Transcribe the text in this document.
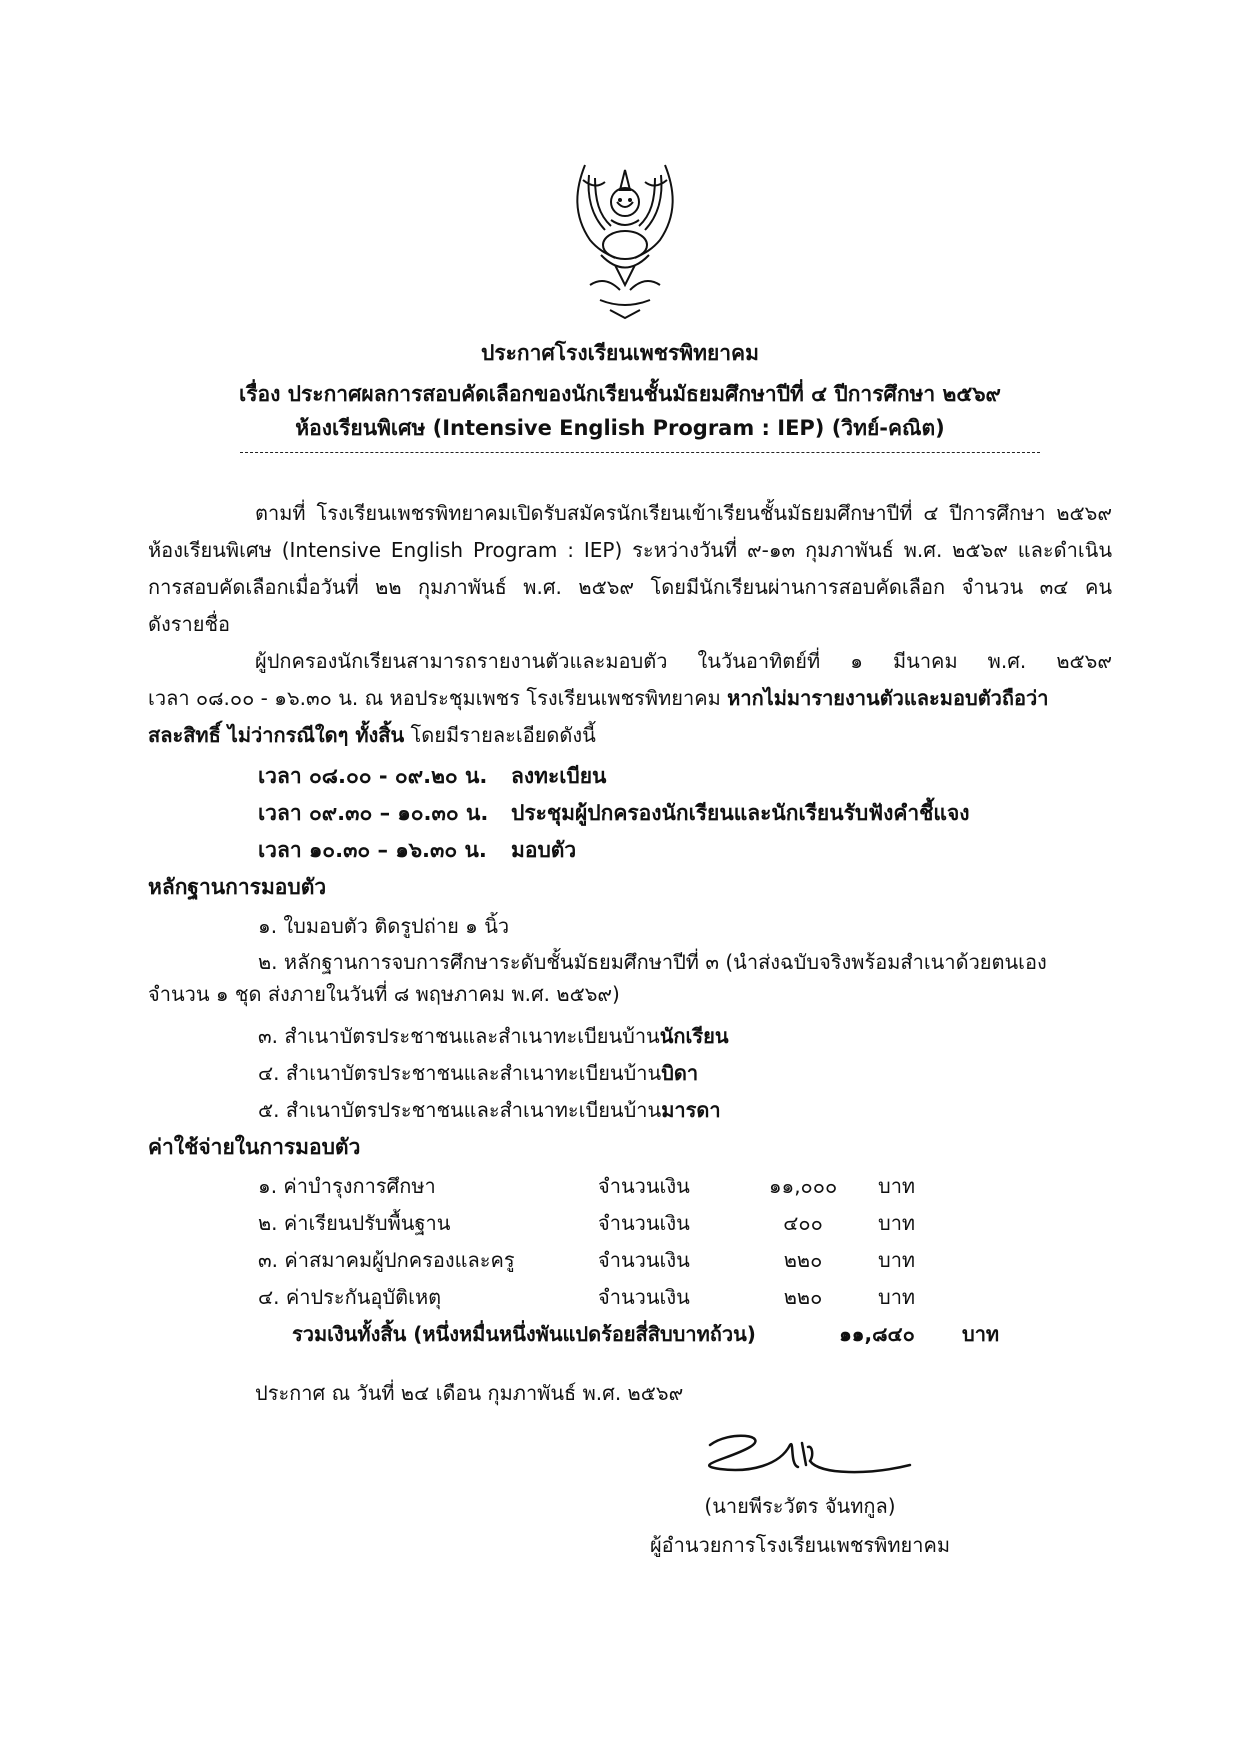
ประกาศโรงเรียนเพชรพิทยาคม
เรื่อง ประกาศผลการสอบคัดเลือกของนักเรียนชั้นมัธยมศึกษาปีที่ ๔ ปีการศึกษา ๒๕๖๙
ห้องเรียนพิเศษ (Intensive English Program : IEP) (วิทย์-คณิต)
ตามที่ โรงเรียนเพชรพิทยาคมเปิดรับสมัครนักเรียนเข้าเรียนชั้นมัธยมศึกษาปีที่ ๔ ปีการศึกษา ๒๕๖๙
ห้องเรียนพิเศษ (Intensive English Program : IEP) ระหว่างวันที่ ๙-๑๓ กุมภาพันธ์ พ.ศ. ๒๕๖๙ และดำเนิน
การสอบคัดเลือกเมื่อวันที่ ๒๒ กุมภาพันธ์ พ.ศ. ๒๕๖๙ โดยมีนักเรียนผ่านการสอบคัดเลือก จำนวน ๓๔ คน
ดังรายชื่อ
ผู้ปกครองนักเรียนสามารถรายงานตัวและมอบตัว ในวันอาทิตย์ที่ ๑ มีนาคม พ.ศ. ๒๕๖๙
เวลา ๐๘.๐๐ - ๑๖.๓๐ น. ณ หอประชุมเพชร โรงเรียนเพชรพิทยาคม หากไม่มารายงานตัวและมอบตัวถือว่า
สละสิทธิ์ ไม่ว่ากรณีใดๆ ทั้งสิ้น โดยมีรายละเอียดดังนี้
เวลา ๐๘.๐๐ - ๐๙.๒๐ น. ลงทะเบียน
เวลา ๐๙.๓๐ – ๑๐.๓๐ น. ประชุมผู้ปกครองนักเรียนและนักเรียนรับฟังคำชี้แจง
เวลา ๑๐.๓๐ – ๑๖.๓๐ น. มอบตัว
หลักฐานการมอบตัว
๑. ใบมอบตัว ติดรูปถ่าย ๑ นิ้ว
๒. หลักฐานการจบการศึกษาระดับชั้นมัธยมศึกษาปีที่ ๓ (นำส่งฉบับจริงพร้อมสำเนาด้วยตนเอง
จำนวน ๑ ชุด ส่งภายในวันที่ ๘ พฤษภาคม พ.ศ. ๒๕๖๙)
๓. สำเนาบัตรประชาชนและสำเนาทะเบียนบ้านนักเรียน
๔. สำเนาบัตรประชาชนและสำเนาทะเบียนบ้านบิดา
๕. สำเนาบัตรประชาชนและสำเนาทะเบียนบ้านมารดา
ค่าใช้จ่ายในการมอบตัว
๑. ค่าบำรุงการศึกษา	จำนวนเงิน	๑๑,๐๐๐ บาท
๒. ค่าเรียนปรับพื้นฐาน	จำนวนเงิน	๔๐๐	บาท
๓. ค่าสมาคมผู้ปกครองและครู	จำนวนเงิน	๒๒๐	บาท
๔. ค่าประกันอุบัติเหตุ	จำนวนเงิน	๒๒๐	บาท
รวมเงินทั้งสิ้น (หนึ่งหมื่นหนึ่งพันแปดร้อยสี่สิบบาทถ้วน)	๑๑,๘๔๐ บาท
ประกาศ ณ วันที่ ๒๔ เดือน กุมภาพันธ์ พ.ศ. ๒๕๖๙
(นายพีระวัตร จันทกูล)
ผู้อำนวยการโรงเรียนเพชรพิทยาคม
